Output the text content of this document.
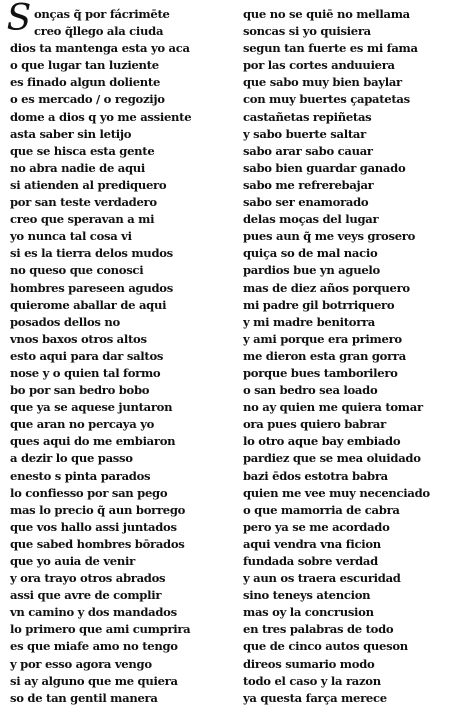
S onças q̃ por fácrimēte
creo q̃llego ala ciuda
dios ta mantenga esta yo aca
o que lugar tan luziente
es finado algun doliente
o es mercado / o regozijo
dome a dios q yo me assiente
asta saber sin letijo
que se hisca esta gente
no abra nadie de aqui
si atienden al prediquero
por san teste verdadero
creo que speravan a mi
yo nunca tal cosa vi
si es la tierra delos mudos
no queso que conosci
hombres pareseen agudos
quierome aballar de aqui
posados dellos no
vnos baxos otros altos
esto aqui para dar saltos
nose y o quien tal formo
bo por san bedro bobo
que ya se aquese juntaron
que aran no percaya yo
ques aqui do me embiaron
a dezir lo que passo
enesto s pinta parados
lo confiesso por san pego
mas lo precio q̃ aun borrego
que vos hallo assi juntados
que sabed hombres bōrados
que yo auia de venir
y ora trayo otros abrados
assi que avre de complir
vn camino y dos mandados
lo primero que ami cumprira
es que miafe amo no tengo
y por esso agora vengo
si ay alguno que me quiera
so de tan gentil manera
que no se quiē no mellama
soncas si yo quisiera
segun tan fuerte es mi fama
por las cortes anduuiera
que sabo muy bien baylar
con muy buertes çapatetas
castañetas repiñetas
y sabo buerte saltar
sabo arar sabo cauar
sabo bien guardar ganado
sabo me refrerebajar
sabo ser enamorado
delas moças del lugar
pues aun q̃ me veys grosero
quiça so de mal nacio
pardios bue yn aguelo
mas de diez años porquero
mi padre gil botrriquero
y mi madre benitorra
y ami porque era primero
me dieron esta gran gorra
porque bues tamborilero
o san bedro sea loado
no ay quien me quiera tomar
ora pues quiero babrar
lo otro aque bay embiado
pardiez que se mea oluidado
bazi ēdos estotra babra
quien me vee muy necenciado
o que mamorria de cabra
pero ya se me acordado
aqui vendra vna ficion
fundada sobre verdad
y aun os traera escuridad
sino teneys atencion
mas oy la concrusion
en tres palabras de todo
que de cinco autos queson
direos sumario modo
todo el caso y la razon
ya questa farça merece
